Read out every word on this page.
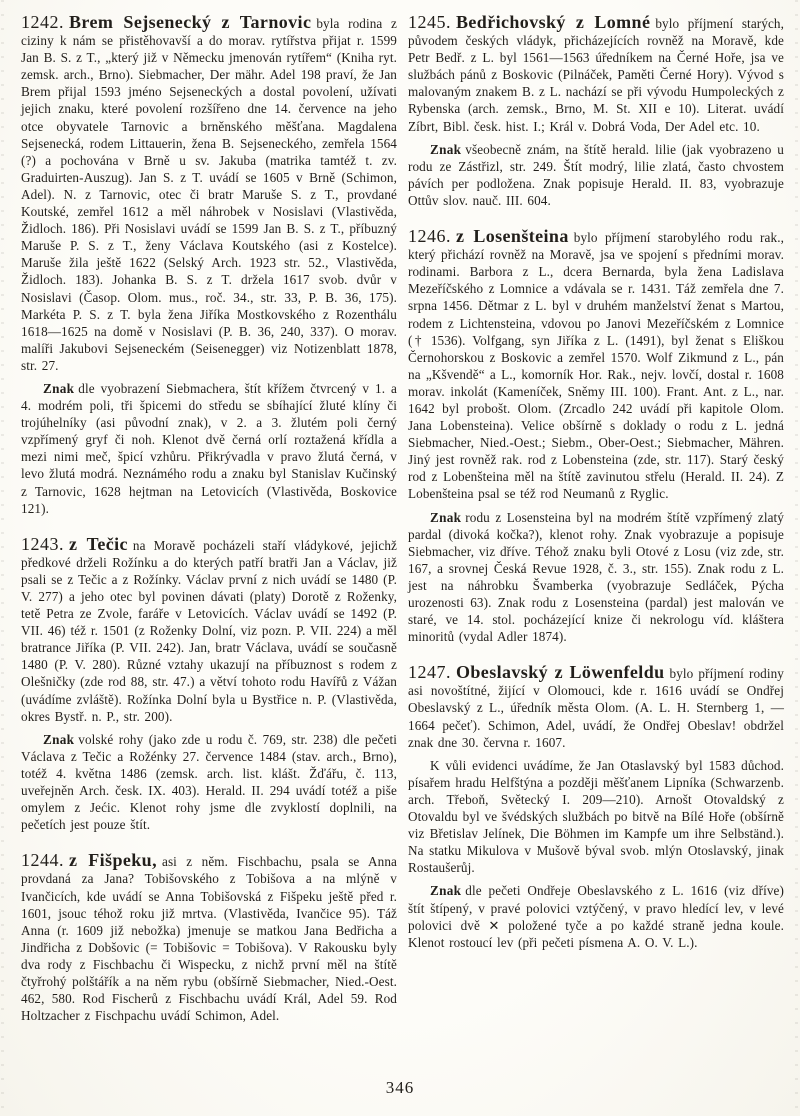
1242. Brem Sejsenecký z Tarnovic byla rodina z ciziny k nám se přistěhovavší a do morav. rytířstva přijat r. 1599 Jan B. S. z T., „který již v Německu jmenován rytířem“ (Kniha ryt. zemsk. arch., Brno). Siebmacher, Der mähr. Adel 198 praví, že Jan Brem přijal 1593 jméno Sejseneckých a dostal povolení, užívati jejich znaku, které povolení rozšířeno dne 14. července na jeho otce obyvatele Tarnovic a brněnského měšťana. Magdalena Sejsenecká, rodem Littauerin, žena B. Sejseneckého, zemřela 1564 (?) a pochována v Brně u sv. Jakuba (matrika tamtéž t. zv. Graduirten-Auszug). Jan S. z T. uvádí se 1605 v Brně (Schimon, Adel). N. z Tarnovic, otec či bratr Maruše S. z T., provdané Koutské, zemřel 1612 a měl náhrobek v Nosislavi (Vlastivěda, Židloch. 186). Při Nosislavi uvádí se 1599 Jan B. S. z T., příbuzný Maruše P. S. z T., ženy Václava Koutského (asi z Kostelce). Maruše žila ještě 1622 (Selský Arch. 1923 str. 52., Vlastivěda, Židloch. 183). Johanka B. S. z T. držela 1617 svob. dvůr v Nosislavi (Časop. Olom. mus., roč. 34., str. 33, P. B. 36, 175). Markéta P. S. z T. byla žena Jiříka Mostkovského z Rozenthálu 1618—1625 na domě v Nosislavi (P. B. 36, 240, 337). O morav. malíři Jakubovi Sejseneckém (Seisenegger) viz Notizenblatt 1878, str. 27.

Znak dle vyobrazení Siebmachera, štít křížem čtvrcený v 1. a 4. modrém poli, tři špicemi do středu se sbíhající žluté klíny či trojúhelníky (asi původní znak), v 2. a 3. žlutém poli černý vzpřímený gryf či noh. Klenot dvě černá orlí roztažená křídla a mezi nimi meč, špicí vzhůru. Přikrývadla v pravo žlutá černá, v levo žlutá modrá. Neznámého rodu a znaku byl Stanislav Kučinský z Tarnovic, 1628 hejtman na Letovicích (Vlastivěda, Boskovice 121).

1243. z Tečic na Moravě pocházeli staří vládykové, jejichž předkové drželi Rožínku a do kterých patří bratři Jan a Václav, již psali se z Tečic a z Rožínky. Václav první z nich uvádí se 1480 (P. V. 277) a jeho otec byl povinen dávati (platy) Dorotě z Roženky, tetě Petra ze Zvole, faráře v Letovicích. Václav uvádí se 1492 (P. VII. 46) též r. 1501 (z Roženky Dolní, viz pozn. P. VII. 224) a měl bratrance Jiříka (P. VII. 242). Jan, bratr Václava, uvádí se současně 1480 (P. V. 280). Různé vztahy ukazují na příbuznost s rodem z Olešničky (zde rod 88, str. 47.) a větví tohoto rodu Havířů z Vážan (uvádíme zvláště). Rožínka Dolní byla u Bystřice n. P. (Vlastivěda, okres Bystř. n. P., str. 200).

Znak volské rohy (jako zde u rodu č. 769, str. 238) dle pečeti Václava z Tečic a Rožénky 27. července 1484 (stav. arch., Brno), totéž 4. května 1486 (zemsk. arch. list. klášt. Žďářu, č. 113, uveřejněn Arch. česk. IX. 403). Herald. II. 294 uvádí totéž a piše omylem z Jećic. Klenot rohy jsme dle zvyklostí doplnili, na pečetích jest pouze štít.

1244. z Fišpeku, asi z něm. Fischbachu, psala se Anna provdaná za Jana? Tobišovského z Tobišova a na mlýně v Ivančicích, kde uvádí se Anna Tobišovská z Fišpeku ještě před r. 1601, jsouc téhož roku již mrtva. (Vlastivěda, Ivančice 95). Táž Anna (r. 1609 již nebožka) jmenuje se matkou Jana Bedřicha a Jindřicha z Dobšovic (= Tobišovic = Tobišova). V Rakousku byly dva rody z Fischbachu či Wispecku, z nichž první měl na štítě čtyřrohý polštářík a na něm rybu (obšírně Siebmacher, Nied.-Oest. 462, 580. Rod Fischerů z Fischbachu uvádí Král, Adel 59. Rod Holtzacher z Fischpachu uvádí Schimon, Adel.

1245. Bedřichovský z Lomné bylo příjmení starých, původem českých vládyk, přicházejících rovněž na Moravě, kde Petr Bedř. z L. byl 1561—1563 úředníkem na Černé Hoře, jsa ve službách pánů z Boskovic (Pilnáček, Paměti Černé Hory). Vývod s malovaným znakem B. z L. nachází se při vývodu Humpoleckých z Rybenska (arch. zemsk., Brno, M. St. XII e 10). Literat. uvádí Zíbrt, Bibl. česk. hist. I.; Král v. Dobrá Voda, Der Adel etc. 10.

Znak všeobecně znám, na štítě herald. lilie (jak vyobrazeno u rodu ze Zástřizl, str. 249. Štít modrý, lilie zlatá, často chvostem pávích per podložena. Znak popisuje Herald. II. 83, vyobrazuje Ottův slov. nauč. III. 604.

1246. z Losenšteina bylo příjmení starobylého rodu rak., který přichází rovněž na Moravě, jsa ve spojení s předními morav. rodinami. Barbora z L., dcera Bernarda, byla žena Ladislava Mezeříčského z Lomnice a vdávala se r. 1431. Táž zemřela dne 7. srpna 1456. Dětmar z L. byl v druhém manželství ženat s Martou, rodem z Lichtensteina, vdovou po Janovi Mezeříčském z Lomnice († 1536). Volfgang, syn Jiříka z L. (1491), byl ženat s Eliškou Černohorskou z Boskovic a zemřel 1570. Wolf Zikmund z L., pán na „Kšvendě“ a L., komorník Hor. Rak., nejv. lovčí, dostal r. 1608 morav. inkolát (Kameníček, Sněmy III. 100). Frant. Ant. z L., nar. 1642 byl probošt. Olom. (Zrcadlo 242 uvádí při kapitole Olom. Jana Lobensteina). Velice obšírně s doklady o rodu z L. jedná Siebmacher, Nied.-Oest.; Siebm., Ober-Oest.; Siebmacher, Mähren. Jiný jest rovněž rak. rod z Lobensteina (zde, str. 117). Starý český rod z Lobenšteina měl na štítě zavinutou střelu (Herald. II. 24). Z Lobenšteina psal se též rod Neumanů z Ryglic.

Znak rodu z Losensteina byl na modrém štítě vzpřímený zlatý pardal (divoká kočka?), klenot rohy. Znak vyobrazuje a popisuje Siebmacher, viz dříve. Téhož znaku byli Otové z Losu (viz zde, str. 167, a srovnej Česká Revue 1928, č. 3., str. 155). Znak rodu z L. jest na náhrobku Švamberka (vyobrazuje Sedláček, Pýcha urozenosti 63). Znak rodu z Losensteina (pardal) jest malován ve staré, ve 14. stol. pocházející knize či nekrologu víd. kláštera minoritů (vydal Adler 1874).

1247. Obeslavský z Löwenfeldu bylo příjmení rodiny asi novoštítné, žijící v Olomouci, kde r. 1616 uvádí se Ondřej Obeslavský z L., úředník města Olom. (A. L. H. Sternberg 1, —1664 pečeť). Schimon, Adel, uvádí, že Ondřej Obeslav! obdržel znak dne 30. června r. 1607.

K vůli evidenci uvádíme, že Jan Otaslavský byl 1583 důchod. písařem hradu Helfštýna a později měšťanem Lipníka (Schwarzenb. arch. Třeboň, Světecký I. 209—210). Arnošt Otovaldský z Otovaldu byl ve švédských službách po bitvě na Bílé Hoře (obšírně viz Břetislav Jelínek, Die Böhmen im Kampfe um ihre Selbständ.). Na statku Mikulova v Mušově býval svob. mlýn Otoslavský, jinak Rostaušerůj.

Znak dle pečeti Ondřeje Obeslavského z L. 1616 (viz dříve) štít štípený, v pravé polovici vztýčený, v pravo hledící lev, v levé polovici dvě ✕ položené tyče a po každé straně jedna koule. Klenot rostoucí lev (při pečeti písmena A. O. V. L.).

346
